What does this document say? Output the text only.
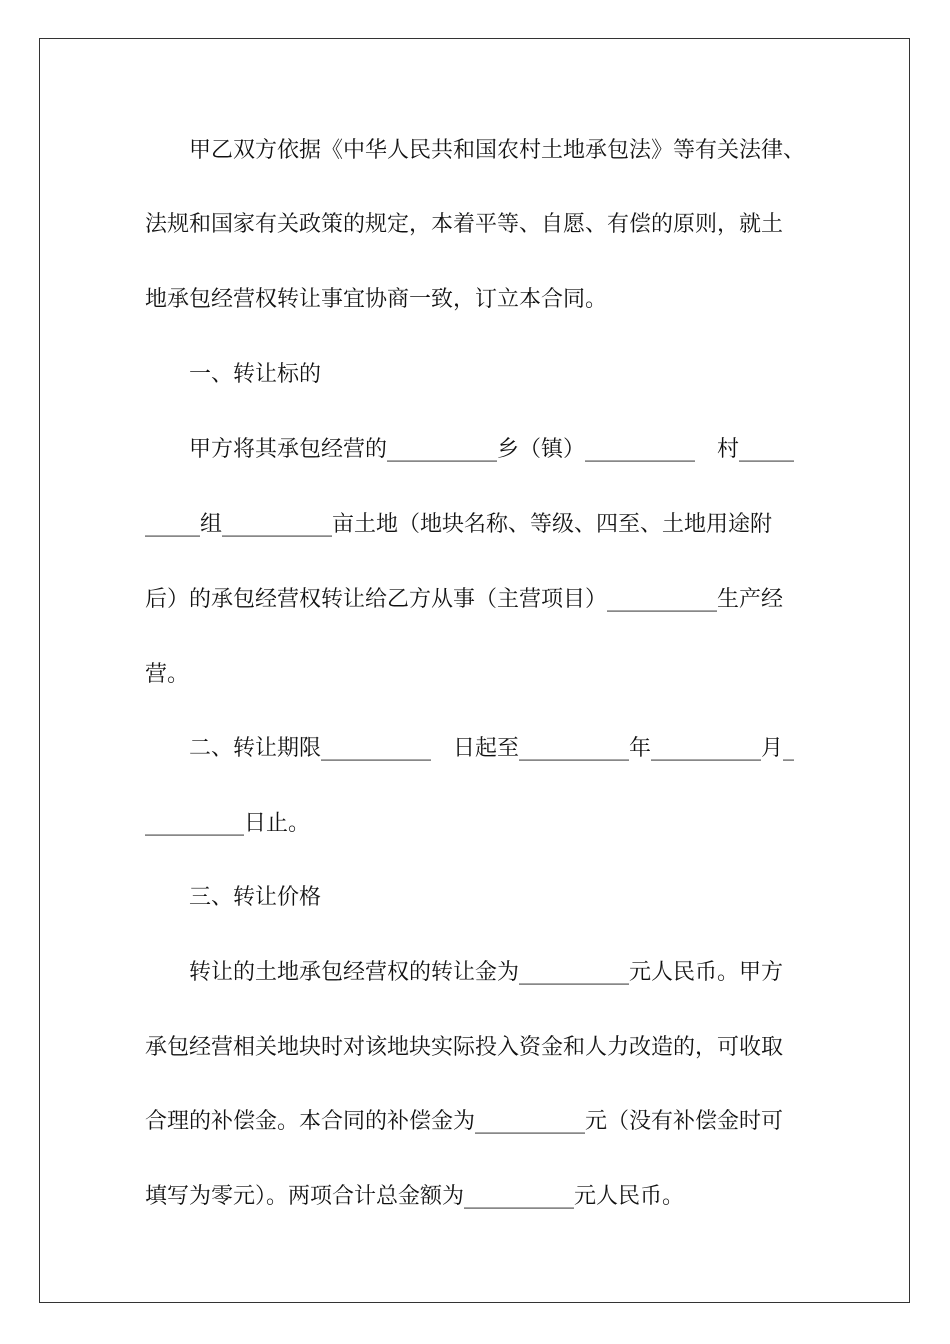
甲乙双方依据《中华人民共和国农村土地承包法》等有关法律、
法规和国家有关政策的规定，本着平等、自愿、有偿的原则，就土
地承包经营权转让事宜协商一致，订立本合同。
一、转让标的
甲方将其承包经营的__________乡（镇）__________　村_____
_____组__________亩土地（地块名称、等级、四至、土地用途附
后）的承包经营权转让给乙方从事（主营项目）__________生产经
营。
二、转让期限__________　日起至__________年__________月_
_________日止。
三、转让价格
转让的土地承包经营权的转让金为__________元人民币。甲方
承包经营相关地块时对该地块实际投入资金和人力改造的，可收取
合理的补偿金。本合同的补偿金为__________元（没有补偿金时可
填写为零元）。两项合计总金额为__________元人民币。
